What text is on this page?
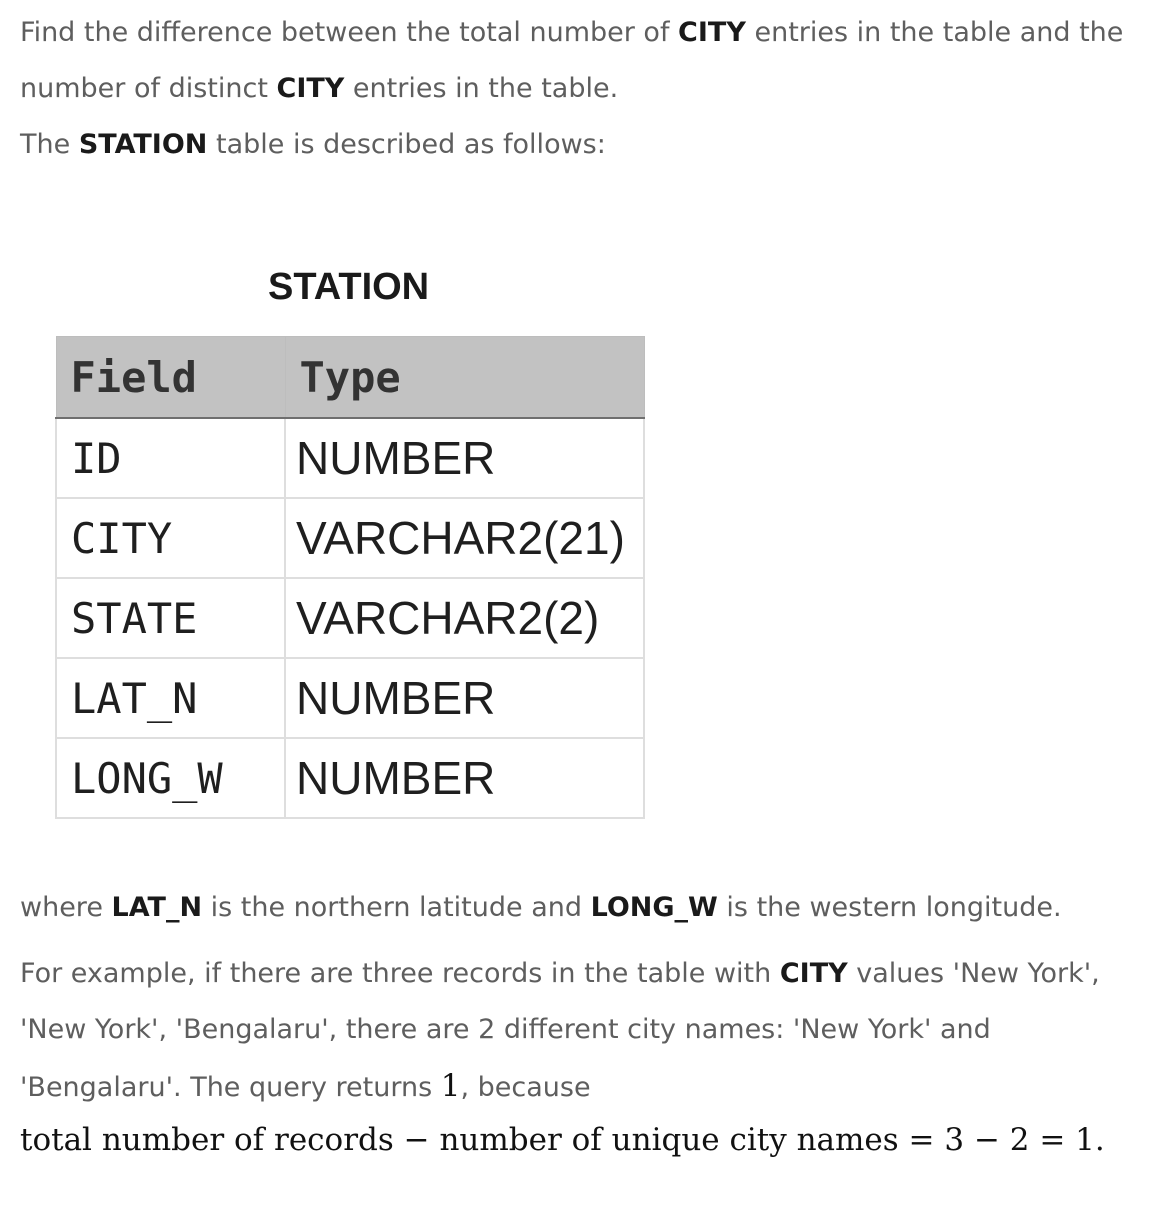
Find the difference between the total number of CITY entries in the table and the number of distinct CITY entries in the table.

The STATION table is described as follows:

STATION
Field	Type
ID	NUMBER
CITY	VARCHAR2(21)
STATE	VARCHAR2(2)
LAT_N	NUMBER
LONG_W	NUMBER

where LAT_N is the northern latitude and LONG_W is the western longitude.

For example, if there are three records in the table with CITY values 'New York', 'New York', 'Bengalaru', there are 2 different city names: 'New York' and 'Bengalaru'. The query returns 1, because

total number of records − number of unique city names = 3 − 2 = 1.
